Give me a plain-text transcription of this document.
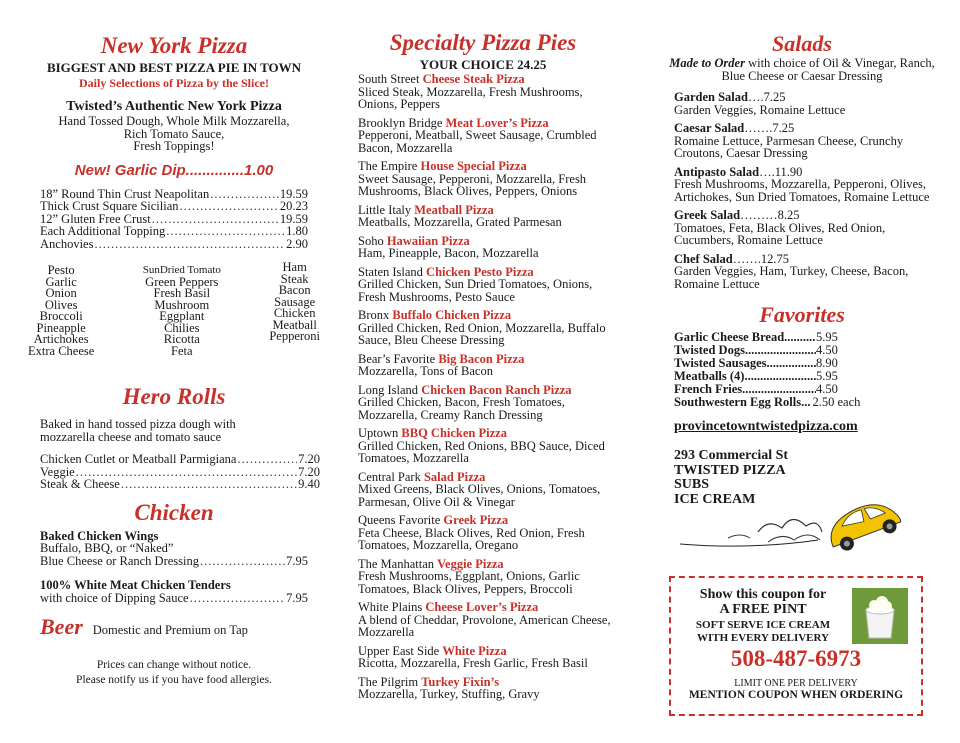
New York Pizza
BIGGEST AND BEST PIZZA PIE IN TOWN
Daily Selections of Pizza by the Slice!
Twisted’s Authentic New York Pizza
Hand Tossed Dough, Whole Milk Mozzarella,
Rich Tomato Sauce,
Fresh Toppings!
New! Garlic Dip..............1.00
18” Round Thin Crust Neapolitan .....	19.59
Thick Crust Square Sicilian .....	20.23
12” Gluten Free Crust .....	19.59
Each Additional Topping .....	1.80
Anchovies .....	2.90
Pesto
Garlic
Onion
Olives
Broccoli
Pineapple
Artichokes
Extra Cheese
SunDried Tomato
Green Peppers
Fresh Basil
Mushroom
Eggplant
Chilies
Ricotta
Feta
Ham
Steak
Bacon
Sausage
Chicken
Meatball
Pepperoni
Hero Rolls
Baked in hand tossed pizza dough with
mozzarella cheese and tomato sauce
Chicken Cutlet or Meatball Parmigiana .....	7.20
Veggie .....	7.20
Steak & Cheese .....	9.40
Chicken
Baked Chicken Wings
Buffalo, BBQ, or “Naked”
Blue Cheese or Ranch Dressing .....	7.95
100% White Meat Chicken Tenders
with choice of Dipping Sauce .....	7.95
Beer Domestic and Premium on Tap
Prices can change without notice.
Please notify us if you have food allergies.
Specialty Pizza Pies
YOUR CHOICE 24.25
South Street Cheese Steak Pizza
Sliced Steak, Mozzarella, Fresh Mushrooms, Onions, Peppers
Brooklyn Bridge Meat Lover’s Pizza
Pepperoni, Meatball, Sweet Sausage, Crumbled Bacon, Mozzarella
The Empire House Special Pizza
Sweet Sausage, Pepperoni, Mozzarella, Fresh Mushrooms, Black Olives, Peppers, Onions
Little Italy Meatball Pizza
Meatballs, Mozzarella, Grated Parmesan
Soho Hawaiian Pizza
Ham, Pineapple, Bacon, Mozzarella
Staten Island Chicken Pesto Pizza
Grilled Chicken, Sun Dried Tomatoes, Onions, Fresh Mushrooms, Pesto Sauce
Bronx Buffalo Chicken Pizza
Grilled Chicken, Red Onion, Mozzarella, Buffalo Sauce, Bleu Cheese Dressing
Bear’s Favorite Big Bacon Pizza
Mozzarella, Tons of Bacon
Long Island Chicken Bacon Ranch Pizza
Grilled Chicken, Bacon, Fresh Tomatoes, Mozzarella, Creamy Ranch Dressing
Uptown BBQ Chicken Pizza
Grilled Chicken, Red Onions, BBQ Sauce, Diced Tomatoes, Mozzarella
Central Park Salad Pizza
Mixed Greens, Black Olives, Onions, Tomatoes, Parmesan, Olive Oil & Vinegar
Queens Favorite Greek Pizza
Feta Cheese, Black Olives, Red Onion, Fresh Tomatoes, Mozzarella, Oregano
The Manhattan Veggie Pizza
Fresh Mushrooms, Eggplant, Onions, Garlic Tomatoes, Black Olives, Peppers, Broccoli
White Plains Cheese Lover’s Pizza
A blend of Cheddar, Provolone, American Cheese, Mozzarella
Upper East Side White Pizza
Ricotta, Mozzarella, Fresh Garlic, Fresh Basil
The Pilgrim Turkey Fixin’s
Mozzarella, Turkey, Stuffing, Gravy
Salads
Made to Order with choice of Oil & Vinegar, Ranch, Blue Cheese or Caesar Dressing
Garden Salad….7.25
Garden Veggies, Romaine Lettuce
Caesar Salad…….7.25
Romaine Lettuce, Parmesan Cheese, Crunchy Croutons, Caesar Dressing
Antipasto Salad….11.90
Fresh Mushrooms, Mozzarella, Pepperoni, Olives, Artichokes, Sun Dried Tomatoes, Romaine Lettuce
Greek Salad………8.25
Tomatoes, Feta, Black Olives, Red Onion, Cucumbers, Romaine Lettuce
Chef Salad…….12.75
Garden Veggies, Ham, Turkey, Cheese, Bacon, Romaine Lettuce
Favorites
Garlic Cheese Bread .....	5.95
Twisted Dogs .....	4.50
Twisted Sausages .....	8.90
Meatballs (4) .....	5.95
French Fries .....	4.50
Southwestern Egg Rolls... 2.50 each
provincetowntwistedpizza.com
293 Commercial St
TWISTED PIZZA
SUBS
ICE CREAM
Show this coupon for
A FREE PINT
SOFT SERVE ICE CREAM
WITH EVERY DELIVERY
508-487-6973
LIMIT ONE PER DELIVERY
MENTION COUPON WHEN ORDERING
